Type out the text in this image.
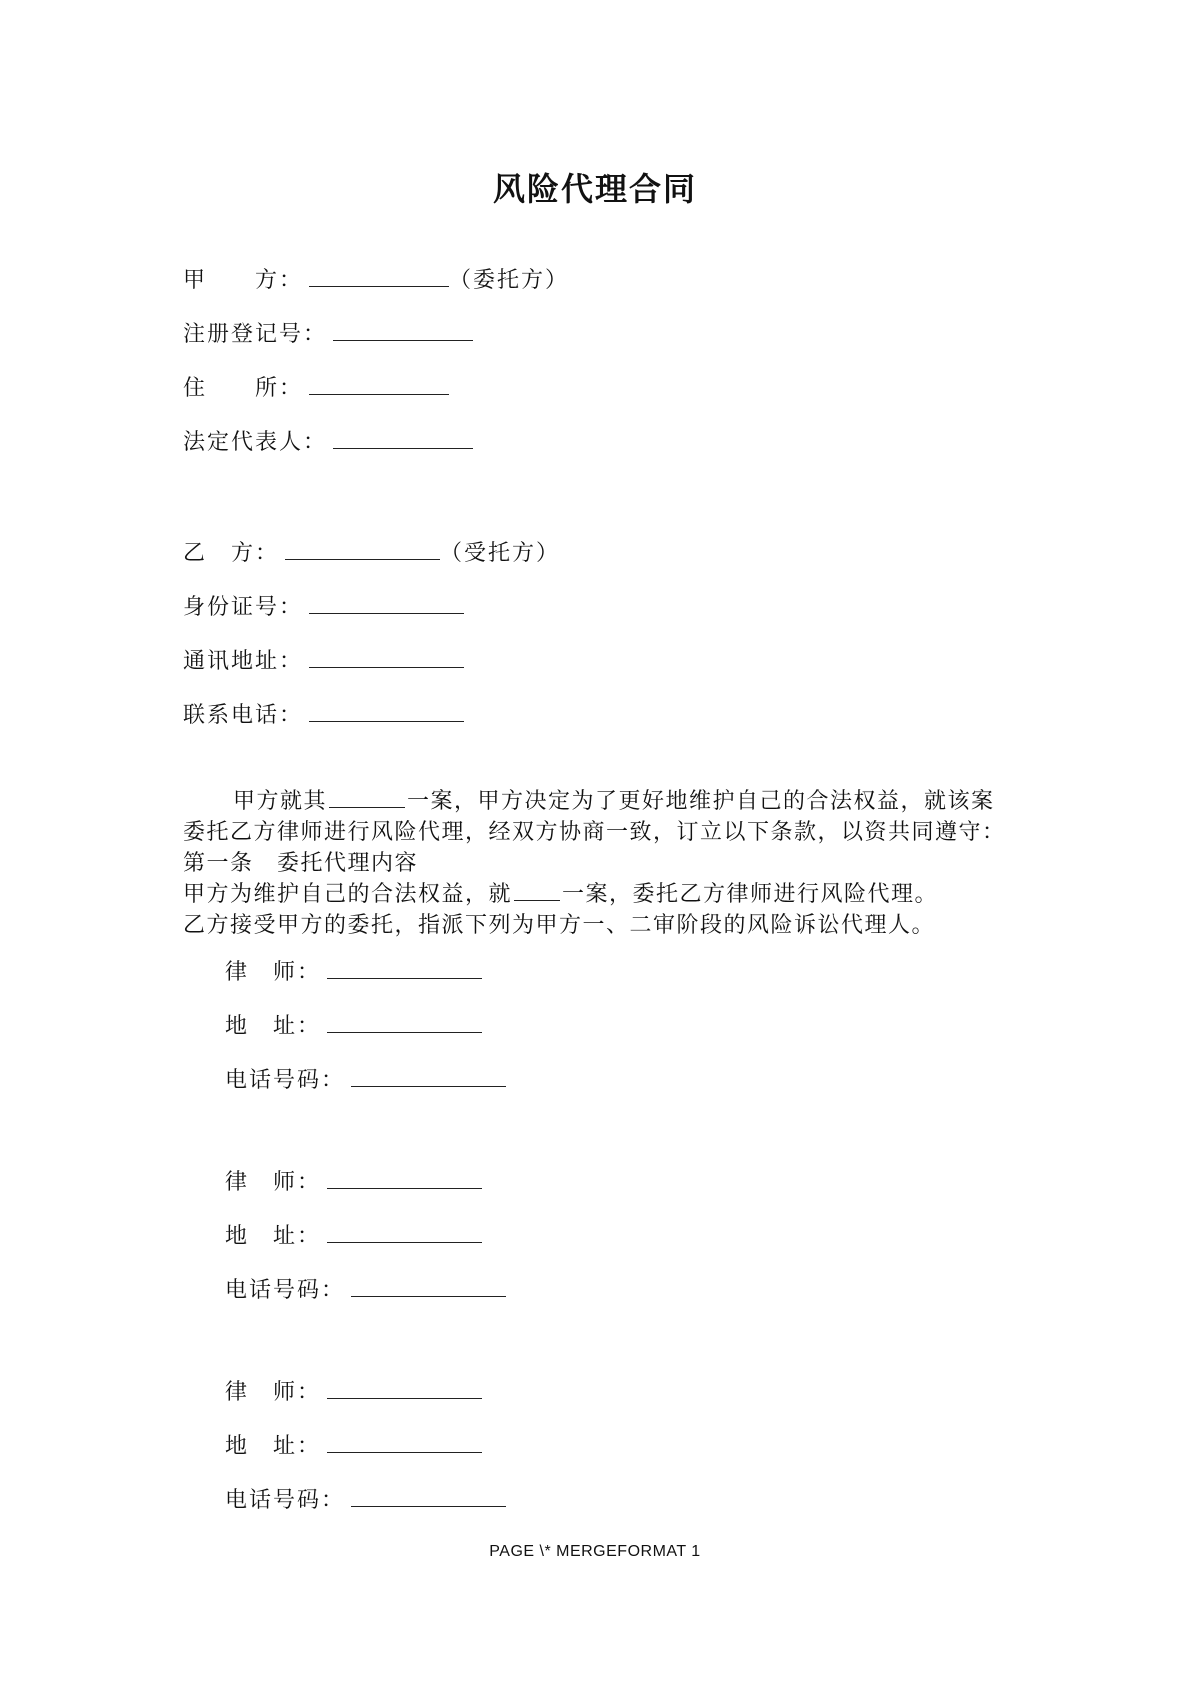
风险代理合同
甲　　方：	（委托方）
注册登记号：
住　　所：
法定代表人：
乙　方：	（受托方）
身份证号：
通讯地址：
联系电话：

甲方就其	一案，甲方决定为了更好地维护自己的合法权益，就该案委托乙方律师进行风险代理，经双方协商一致，订立以下条款，以资共同遵守：

第一条　委托代理内容

甲方为维护自己的合法权益，就 一案，委托乙方律师进行风险代理。

乙方接受甲方的委托，指派下列为甲方一、二审阶段的风险诉讼代理人。

律　师：
地　址：
电话号码：
律　师：
地　址：
电话号码：
律　师：
地　址：
电话号码：
PAGE \* MERGEFORMAT 1
